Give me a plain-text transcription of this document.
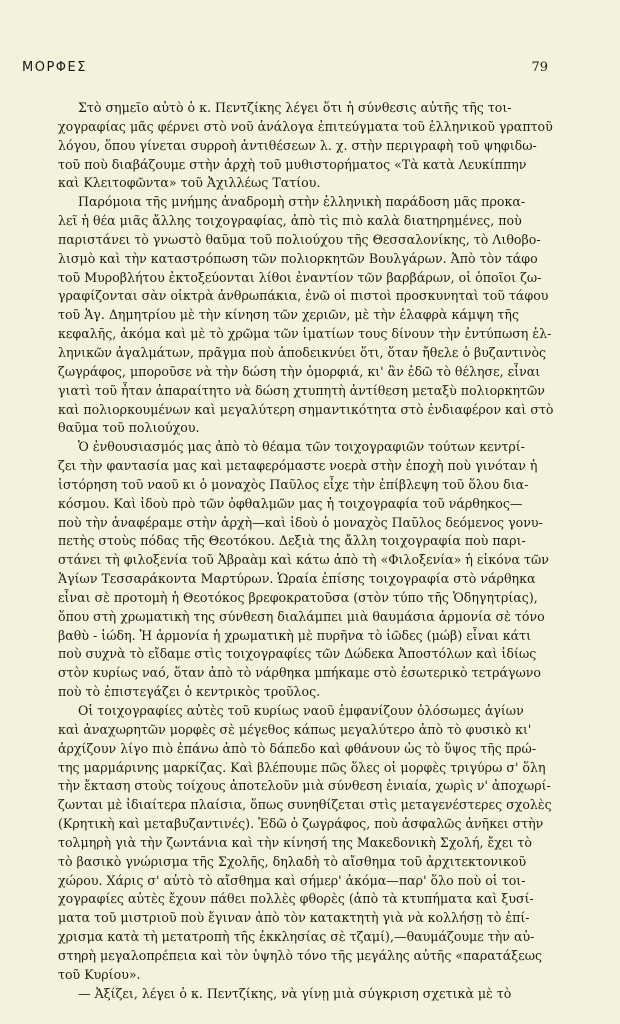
ΜΟΡΦΕΣ	79
Στὸ σημεῖο αὐτὸ ὁ κ. Πεντζίκης λέγει ὅτι ἡ σύνθεσις αὐτῆς τῆς τοι-
χογραφίας μᾶς φέρνει στὸ νοῦ ἀνάλογα ἐπιτεύγματα τοῦ ἑλληνικοῦ γραπτοῦ
λόγου, ὅπου γίνεται συρροὴ ἀντιθέσεων λ. χ. στὴν περιγραφὴ τοῦ ψηφιδω-
τοῦ ποὺ διαβάζουμε στὴν ἀρχὴ τοῦ μυθιστορήματος «Τὰ κατὰ Λευκίππην
καὶ Κλειτοφῶντα» τοῦ Ἀχιλλέως Τατίου.
Παρόμοια τῆς μνήμης ἀναδρομὴ στὴν ἑλληνικὴ παράδοση μᾶς προκα-
λεῖ ἡ θέα μιᾶς ἄλλης τοιχογραφίας, ἀπὸ τὶς πιὸ καλὰ διατηρημένες, ποὺ
παριστάνει τὸ γνωστὸ θαῦμα τοῦ πολιούχου τῆς Θεσσαλονίκης, τὸ Λιθοβο-
λισμὸ καὶ τὴν καταστρόπωση τῶν πολιορκητῶν Βουλγάρων. Ἀπὸ τὸν τάφο
τοῦ Μυροβλήτου ἐκτοξεύονται λίθοι ἐναντίον τῶν βαρβάρων, οἱ ὁποῖοι ζω-
γραφίζονται σὰν οἰκτρὰ ἀνθρωπάκια, ἐνῶ οἱ πιστοὶ προσκυνηταὶ τοῦ τάφου
τοῦ Ἁγ. Δημητρίου μὲ τὴν κίνηση τῶν χεριῶν, μὲ τὴν ἐλαφρὰ κάμψη τῆς
κεφαλῆς, ἀκόμα καὶ μὲ τὸ χρῶμα τῶν ἱματίων τους δίνουν τὴν ἐντύπωση ἑλ-
ληνικῶν ἀγαλμάτων, πρᾶγμα ποὺ ἀποδεικνύει ὅτι, ὅταν ἤθελε ὁ βυζαντινὸς
ζωγράφος, μποροῦσε νὰ τὴν δώση τὴν ὁμορφιά, κι' ἂν ἐδῶ τὸ θέλησε, εἶναι
γιατὶ τοῦ ἦταν ἀπαραίτητο νὰ δώση χτυπητὴ ἀντίθεση μεταξὺ πολιορκητῶν
καὶ πολιορκουμένων καὶ μεγαλύτερη σημαντικότητα στὸ ἐνδιαφέρον καὶ στὸ
θαῦμα τοῦ πολιούχου.
Ὁ ἐνθουσιασμός μας ἀπὸ τὸ θέαμα τῶν τοιχογραφιῶν τούτων κεντρί-
ζει τὴν φαντασία μας καὶ μεταφερόμαστε νοερὰ στὴν ἐποχὴ ποὺ γινόταν ἡ
ἱστόρηση τοῦ ναοῦ κι ὁ μοναχὸς Παῦλος εἶχε τὴν ἐπίβλεψη τοῦ ὅλου δια-
κόσμου. Καὶ ἰδοὺ πρὸ τῶν ὀφθαλμῶν μας ἡ τοιχογραφία τοῦ νάρθηκος—
ποὺ τὴν ἀναφέραμε στὴν ἀρχὴ—καὶ ἰδοὺ ὁ μοναχὸς Παῦλος δεόμενος γονυ-
πετὴς στοὺς πόδας τῆς Θεοτόκου. Δεξιὰ της ἄλλη τοιχογραφία ποὺ παρι-
στάνει τὴ φιλοξενία τοῦ Ἀβραὰμ καὶ κάτω ἀπὸ τὴ «Φιλοξενία» ἡ εἰκόνα τῶν
Ἁγίων Τεσσαράκοντα Μαρτύρων. Ὡραία ἐπίσης τοιχογραφία στὸ νάρθηκα
εἶναι σὲ προτομὴ ἡ Θεοτόκος βρεφοκρατοῦσα (στὸν τύπο τῆς Ὁδηγητρίας),
ὅπου στὴ χρωματικὴ της σύνθεση διαλάμπει μιὰ θαυμάσια ἁρμονία σὲ τόνο
βαθὺ - ἰώδη. Ἡ ἁρμονία ἡ χρωματικὴ μὲ πυρῆνα τὸ ἰῶδες (μώβ) εἶναι κάτι
ποὺ συχνὰ τὸ εἴδαμε στὶς τοιχογραφίες τῶν Δώδεκα Ἀποστόλων καὶ ἰδίως
στὸν κυρίως ναό, ὅταν ἀπὸ τὸ νάρθηκα μπήκαμε στὸ ἐσωτερικὸ τετράγωνο
ποὺ τὸ ἐπιστεγάζει ὁ κεντρικὸς τροῦλος.
Οἱ τοιχογραφίες αὐτὲς τοῦ κυρίως ναοῦ ἐμφανίζουν ὁλόσωμες ἁγίων
καὶ ἀναχωρητῶν μορφὲς σὲ μέγεθος κάπως μεγαλύτερο ἀπὸ τὸ φυσικὸ κι'
ἀρχίζουν λίγο πιὸ ἐπάνω ἀπὸ τὸ δάπεδο καὶ φθάνουν ὡς τὸ ὕψος τῆς πρώ-
της μαρμάρινης μαρκίζας. Καὶ βλέπουμε πῶς ὅλες οἱ μορφὲς τριγύρω σ' ὅλη
τὴν ἔκταση στοὺς τοίχους ἀποτελοῦν μιὰ σύνθεση ἑνιαία, χωρὶς ν' ἀποχωρί-
ζωνται μὲ ἰδιαίτερα πλαίσια, ὅπως συνηθίζεται στὶς μεταγενέστερες σχολὲς
(Κρητικὴ καὶ μεταβυζαντινές). Ἐδῶ ὁ ζωγράφος, ποὺ ἀσφαλῶς ἀνῆκει στὴν
τολμηρὴ γιὰ τὴν ζωντάνια καὶ τὴν κίνησή της Μακεδονικὴ Σχολή, ἔχει τὸ
τὸ βασικὸ γνώρισμα τῆς Σχολῆς, δηλαδὴ τὸ αἴσθημα τοῦ ἀρχιτεκτονικοῦ
χώρου. Χάρις σ' αὐτὸ τὸ αἴσθημα καὶ σήμερ' ἀκόμα—παρ' ὅλο ποὺ οἱ τοι-
χογραφίες αὐτὲς ἔχουν πάθει πολλὲς φθορὲς (ἀπὸ τὰ κτυπήματα καὶ ξυσί-
ματα τοῦ μιστριοῦ ποὺ ἔγιναν ἀπὸ τὸν κατακτητὴ γιὰ νὰ κολλήσῃ τὸ ἐπί-
χρισμα κατὰ τὴ μετατροπὴ τῆς ἐκκλησίας σὲ τζαμί),—θαυμάζουμε τὴν αὐ-
στηρὴ μεγαλοπρέπεια καὶ τὸν ὑψηλὸ τόνο τῆς μεγάλης αὐτῆς «παρατάξεως
τοῦ Κυρίου».
— Ἀξίζει, λέγει ὁ κ. Πεντζίκης, νὰ γίνῃ μιὰ σύγκριση σχετικὰ μὲ τὸ
